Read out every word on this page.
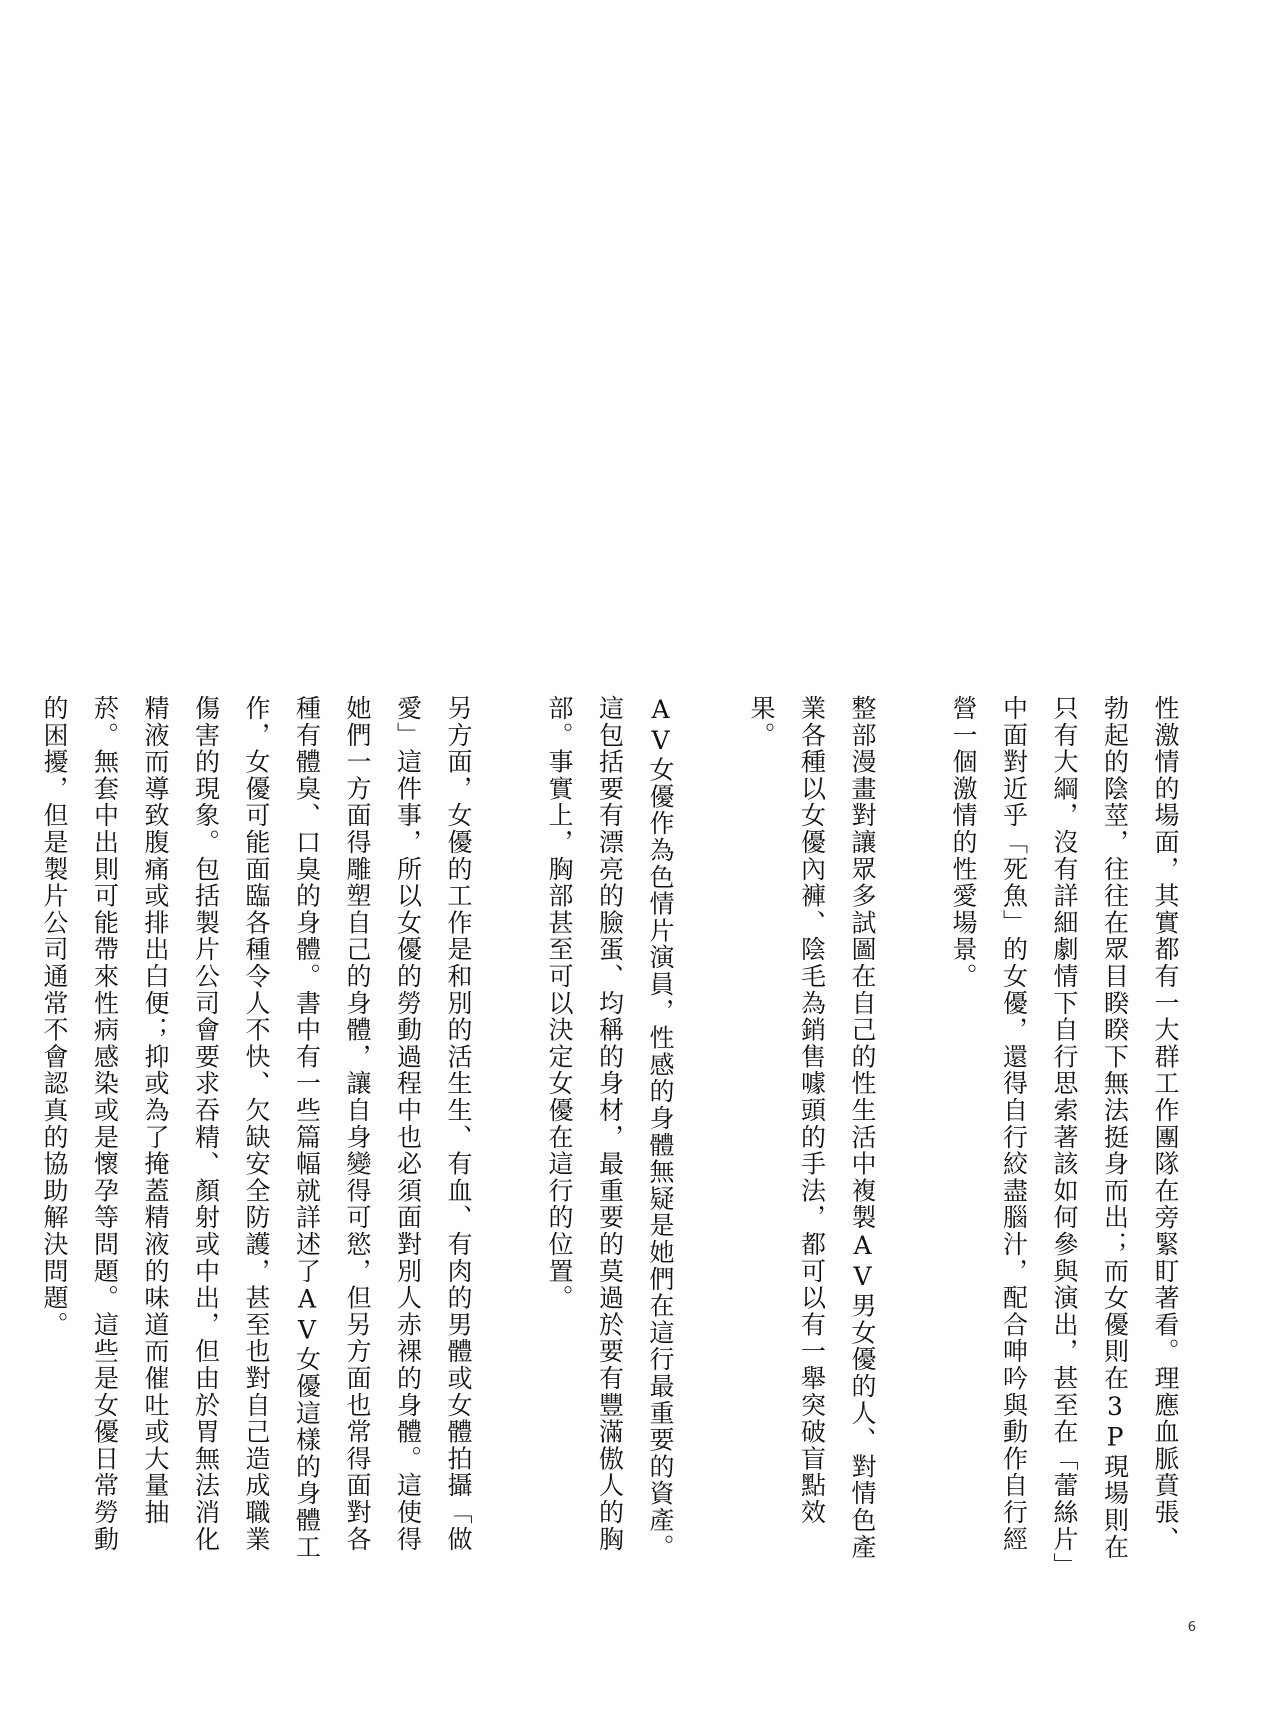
性激情的場面，其實都有一大群工作團隊在旁緊盯著看。理應血脈賁張、勃起的陰莖，往往在眾目睽睽下無法挺身而出；而女優則在3P現場則在只有大綱，沒有詳細劇情下自行思索著該如何參與演出，甚至在「蕾絲片」中面對近乎「死魚」的女優，還得自行絞盡腦汁，配合呻吟與動作自行經營一個激情的性愛場景。

整部漫畫對讓眾多試圖在自己的性生活中複製AV男女優的人、對情色產業各種以女優內褲、陰毛為銷售噱頭的手法，都可以有一舉突破盲點效果。

AV女優作為色情片演員，性感的身體無疑是她們在這行最重要的資產。這包括要有漂亮的臉蛋、均稱的身材，最重要的莫過於要有豐滿傲人的胸部。事實上，胸部甚至可以決定女優在這行的位置。

另方面，女優的工作是和別的活生生、有血、有肉的男體或女體拍攝「做愛」這件事，所以女優的勞動過程中也必須面對別人赤裸的身體。這使得她們一方面得雕塑自己的身體，讓自身變得可慾，但另方面也常得面對各種有體臭、口臭的身體。書中有一些篇幅就詳述了AV女優這樣的身體工作，女優可能面臨各種令人不快、欠缺安全防護，甚至也對自己造成職業傷害的現象。包括製片公司會要求吞精、顏射或中出，但由於胃無法消化精液而導致腹痛或排出白便；抑或為了掩蓋精液的味道而催吐或大量抽菸。無套中出則可能帶來性病感染或是懷孕等問題。這些是女優日常勞動的困擾，但是製片公司通常不會認真的協助解決問題。

6
